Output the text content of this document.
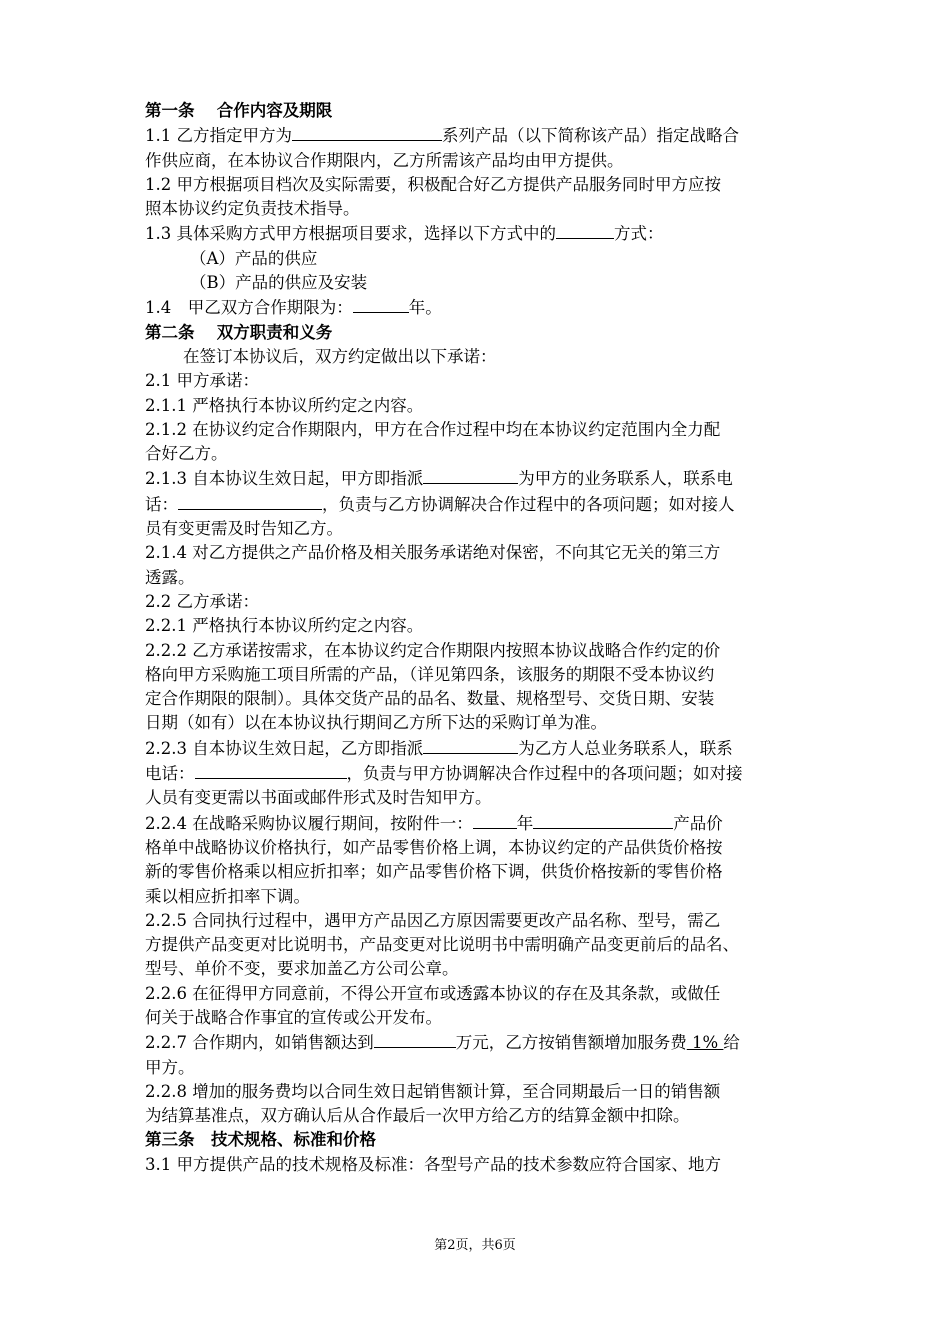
第一条　 合作内容及期限
1.1 乙方指定甲方为	系列产品（以下简称该产品）指定战略合
作供应商，在本协议合作期限内，乙方所需该产品均由甲方提供。
1.2 甲方根据项目档次及实际需要，积极配合好乙方提供产品服务同时甲方应按
照本协议约定负责技术指导。
1.3 具体采购方式甲方根据项目要求，选择以下方式中的	方式：
（A）产品的供应
（B）产品的供应及安装
1.4　甲乙双方合作期限为：	年。
第二条　 双方职责和义务
在签订本协议后，双方约定做出以下承诺：
2.1 甲方承诺：
2.1.1 严格执行本协议所约定之内容。
2.1.2 在协议约定合作期限内，甲方在合作过程中均在本协议约定范围内全力配
合好乙方。
2.1.3 自本协议生效日起，甲方即指派	为甲方的业务联系人，联系电
话：	，负责与乙方协调解决合作过程中的各项问题；如对接人
员有变更需及时告知乙方。
2.1.4 对乙方提供之产品价格及相关服务承诺绝对保密，不向其它无关的第三方
透露。
2.2 乙方承诺：
2.2.1 严格执行本协议所约定之内容。
2.2.2 乙方承诺按需求，在本协议约定合作期限内按照本协议战略合作约定的价
格向甲方采购施工项目所需的产品，（详见第四条，该服务的期限不受本协议约
定合作期限的限制）。具体交货产品的品名、数量、规格型号、交货日期、安装
日期（如有）以在本协议执行期间乙方所下达的采购订单为准。
2.2.3 自本协议生效日起，乙方即指派	为乙方人总业务联系人，联系
电话：	，负责与甲方协调解决合作过程中的各项问题；如对接
人员有变更需以书面或邮件形式及时告知甲方。
2.2.4 在战略采购协议履行期间，按附件一：	年	产品价
格单中战略协议价格执行，如产品零售价格上调，本协议约定的产品供货价格按
新的零售价格乘以相应折扣率；如产品零售价格下调，供货价格按新的零售价格
乘以相应折扣率下调。
2.2.5 合同执行过程中，遇甲方产品因乙方原因需要更改产品名称、型号，需乙
方提供产品变更对比说明书，产品变更对比说明书中需明确产品变更前后的品名、
型号、单价不变，要求加盖乙方公司公章。
2.2.6 在征得甲方同意前，不得公开宣布或透露本协议的存在及其条款，或做任
何关于战略合作事宜的宣传或公开发布。
2.2.7 合作期内，如销售额达到	万元，乙方按销售额增加服务费 1% 给
甲方。
2.2.8 增加的服务费均以合同生效日起销售额计算，至合同期最后一日的销售额
为结算基准点，双方确认后从合作最后一次甲方给乙方的结算金额中扣除。
第三条　技术规格、标准和价格
3.1 甲方提供产品的技术规格及标准：各型号产品的技术参数应符合国家、地方
第2页，共6页
